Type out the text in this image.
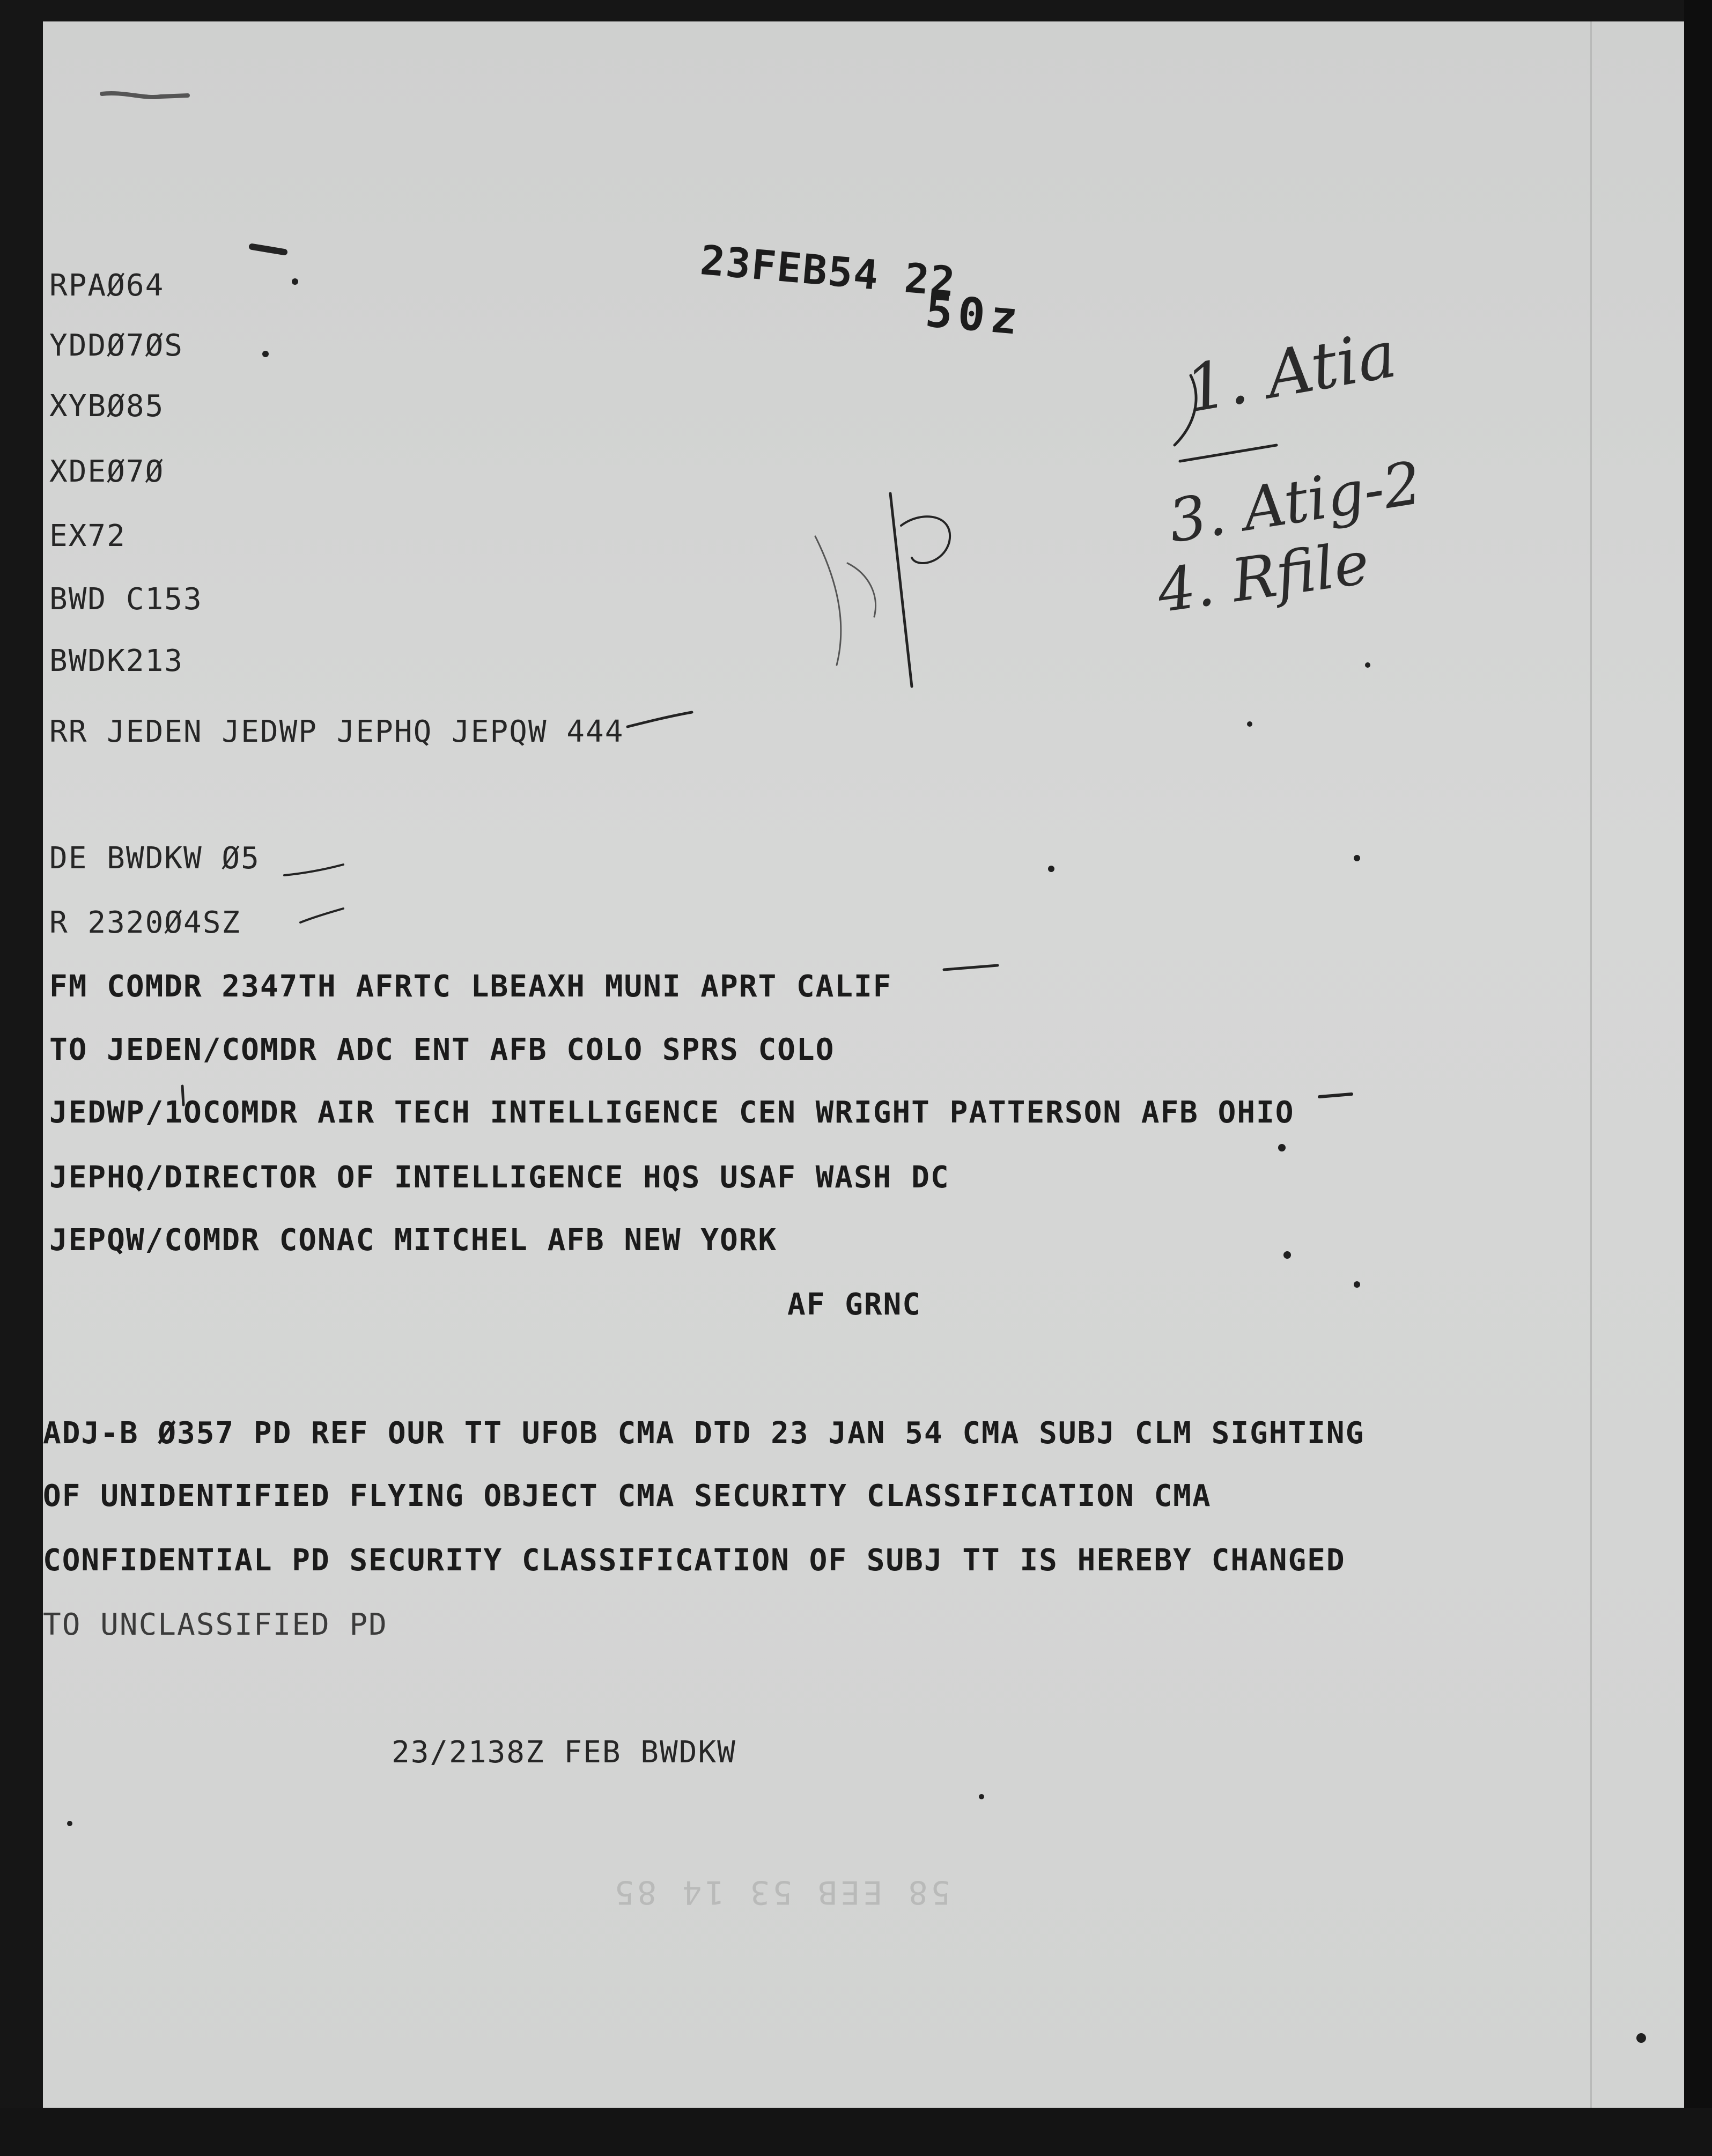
RPAØ64

YDDØ7ØS

XYBØ85

XDEØ7Ø

EX72

BWD C153

BWDK213

RR JEDEN JEDWP JEPHQ JEPQW 444

23FEB54 22

50z

1. Atia

3. Atig-2

4. Rfile

DE BWDKW Ø5

R 2320Ø4SZ

FM COMDR 2347TH AFRTC LBEAXH MUNI APRT CALIF

TO JEDEN/COMDR ADC ENT AFB COLO SPRS COLO

JEDWP/1OCOMDR AIR TECH INTELLIGENCE CEN WRIGHT PATTERSON AFB OHIO

JEPHQ/DIRECTOR OF INTELLIGENCE HQS USAF WASH DC

JEPQW/COMDR CONAC MITCHEL AFB NEW YORK

AF GRNC

ADJ-B Ø357 PD REF OUR TT UFOB CMA DTD 23 JAN 54 CMA SUBJ CLM SIGHTING

OF UNIDENTIFIED FLYING OBJECT CMA SECURITY CLASSIFICATION CMA

CONFIDENTIAL PD SECURITY CLASSIFICATION OF SUBJ TT IS HEREBY CHANGED

TO UNCLASSIFIED PD

23/2138Z FEB BWDKW

58 EEB 53 14 85
